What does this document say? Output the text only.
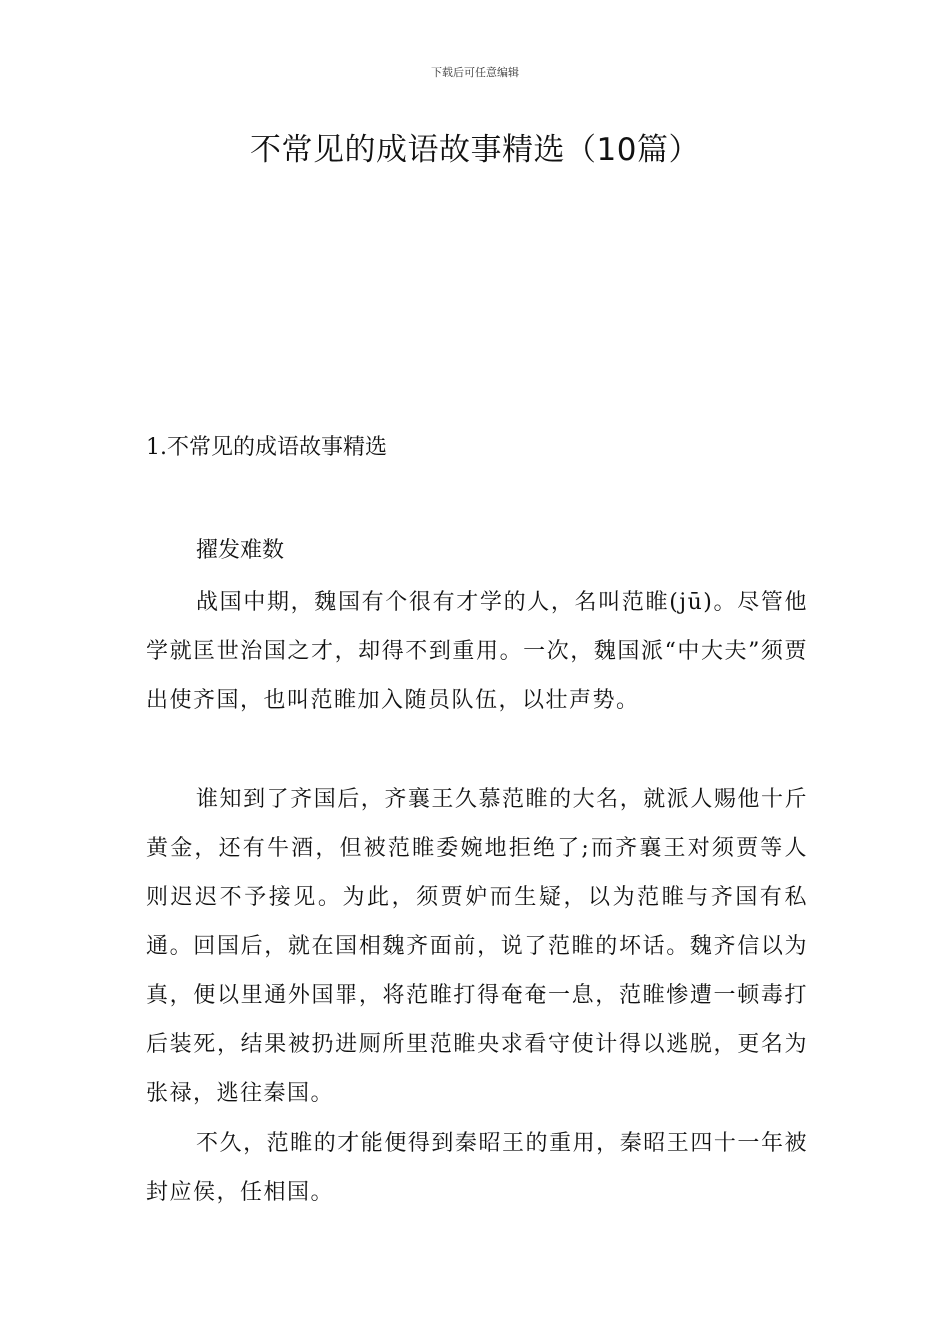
下载后可任意编辑
不常见的成语故事精选（10篇）
1.不常见的成语故事精选
擢发难数

战国中期，魏国有个很有才学的人，名叫范睢(jū)。尽管他学就匡世治国之才，却得不到重用。一次，魏国派“中大夫”须贾出使齐国，也叫范睢加入随员队伍，以壮声势。

谁知到了齐国后，齐襄王久慕范睢的大名，就派人赐他十斤黄金，还有牛酒，但被范睢委婉地拒绝了;而齐襄王对须贾等人则迟迟不予接见。为此，须贾妒而生疑，以为范睢与齐国有私通。回国后，就在国相魏齐面前，说了范睢的坏话。魏齐信以为真，便以里通外国罪，将范睢打得奄奄一息，范睢惨遭一顿毒打后装死，结果被扔进厕所里范睢央求看守使计得以逃脱，更名为张禄，逃往秦国。

不久，范睢的才能便得到秦昭王的重用，秦昭王四十一年被封应侯，任相国。
